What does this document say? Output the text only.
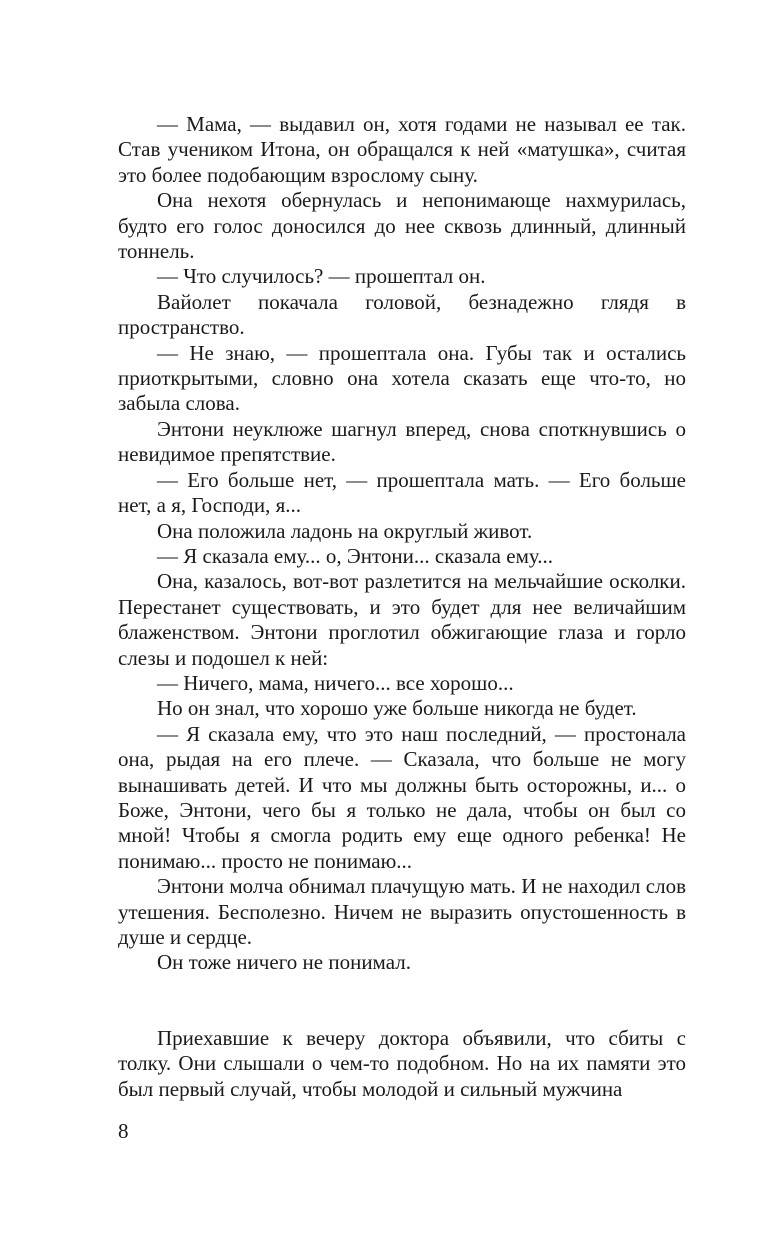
— Мама, — выдавил он, хотя годами не называл ее так. Став учеником Итона, он обращался к ней «матушка», считая это более подобающим взрослому сыну.

Она нехотя обернулась и непонимающе нахмурилась, будто его голос доносился до нее сквозь длинный, длинный тоннель.

— Что случилось? — прошептал он.

Вайолет покачала головой, безнадежно глядя в пространство.

— Не знаю, — прошептала она. Губы так и остались приоткрытыми, словно она хотела сказать еще что-то, но забыла слова.

Энтони неуклюже шагнул вперед, снова споткнувшись о невидимое препятствие.

— Его больше нет, — прошептала мать. — Его больше нет, а я, Господи, я...

Она положила ладонь на округлый живот.

— Я сказала ему... о, Энтони... сказала ему...

Она, казалось, вот-вот разлетится на мельчайшие осколки. Перестанет существовать, и это будет для нее величайшим блаженством. Энтони проглотил обжигающие глаза и горло слезы и подошел к ней:

— Ничего, мама, ничего... все хорошо...

Но он знал, что хорошо уже больше никогда не будет.

— Я сказала ему, что это наш последний, — простонала она, рыдая на его плече. — Сказала, что больше не могу вынашивать детей. И что мы должны быть осторожны, и... о Боже, Энтони, чего бы я только не дала, чтобы он был со мной! Чтобы я смогла родить ему еще одного ребенка! Не понимаю... просто не понимаю...

Энтони молча обнимал плачущую мать. И не находил слов утешения. Бесполезно. Ничем не выразить опустошенность в душе и сердце.

Он тоже ничего не понимал.

Приехавшие к вечеру доктора объявили, что сбиты с толку. Они слышали о чем-то подобном. Но на их памяти это был первый случай, чтобы молодой и сильный мужчина

8
